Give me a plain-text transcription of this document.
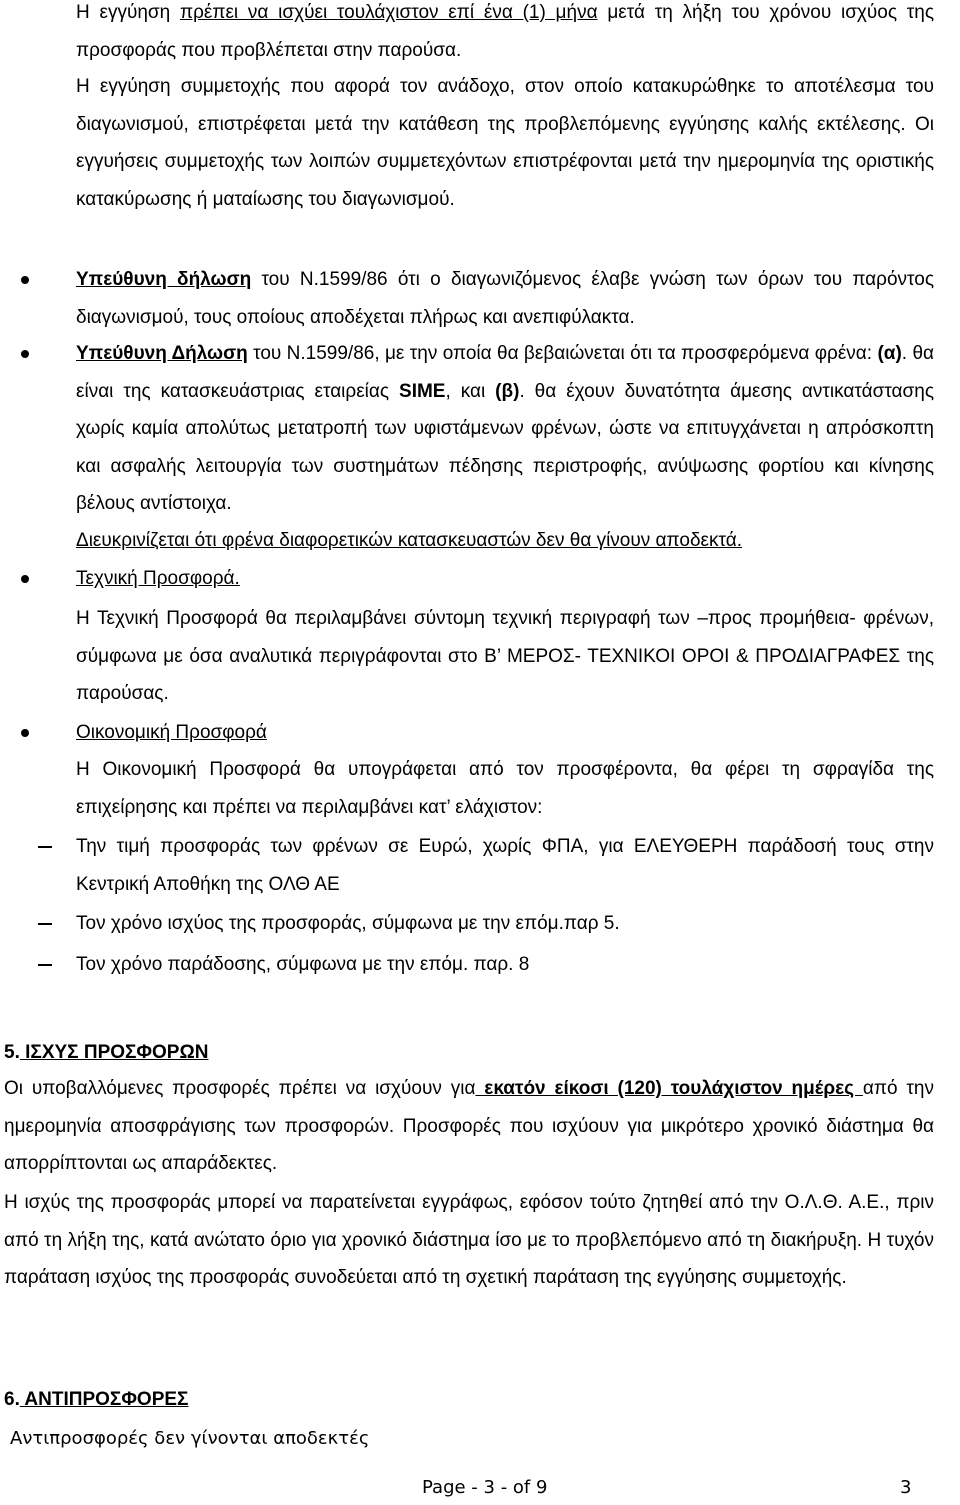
Η εγγύηση πρέπει να ισχύει τουλάχιστον επί ένα (1) μήνα μετά τη λήξη του χρόνου ισχύος της προσφοράς που προβλέπεται στην παρούσα.

Η εγγύηση συμμετοχής που αφορά τον ανάδοχο, στον οποίο κατακυρώθηκε το αποτέλεσμα του διαγωνισμού, επιστρέφεται μετά την κατάθεση της προβλεπόμενης εγγύησης καλής εκτέλεσης. Οι εγγυήσεις συμμετοχής των λοιπών συμμετεχόντων επιστρέφονται μετά την ημερομηνία της οριστικής κατακύρωσης ή ματαίωσης του διαγωνισμού.

Υπεύθυνη δήλωση του Ν.1599/86 ότι ο διαγωνιζόμενος έλαβε γνώση των όρων του παρόντος διαγωνισμού, τους οποίους αποδέχεται πλήρως και ανεπιφύλακτα.

Υπεύθυνη Δήλωση του Ν.1599/86, με την οποία θα βεβαιώνεται ότι τα προσφερόμενα φρένα: (α). θα είναι της κατασκευάστριας εταιρείας SIME, και (β). θα έχουν δυνατότητα άμεσης αντικατάστασης χωρίς καμία απολύτως μετατροπή των υφιστάμενων φρένων, ώστε να επιτυγχάνεται η απρόσκοπτη και ασφαλής λειτουργία των συστημάτων πέδησης περιστροφής, ανύψωσης φορτίου και κίνησης βέλους αντίστοιχα.

Διευκρινίζεται ότι φρένα διαφορετικών κατασκευαστών δεν θα γίνουν αποδεκτά.

Τεχνική Προσφορά.

Η Τεχνική Προσφορά θα περιλαμβάνει σύντομη τεχνική περιγραφή των –προς προμήθεια- φρένων, σύμφωνα με όσα αναλυτικά περιγράφονται στο Β’ ΜΕΡΟΣ- ΤΕΧΝΙΚΟΙ ΟΡΟΙ & ΠΡΟΔΙΑΓΡΑΦΕΣ της παρούσας.

Οικονομική Προσφορά

Η Οικονομική Προσφορά θα υπογράφεται από τον προσφέροντα, θα φέρει τη σφραγίδα της επιχείρησης και πρέπει να περιλαμβάνει κατ’ ελάχιστον:

Την τιμή προσφοράς των φρένων σε Ευρώ, χωρίς ΦΠΑ, για ΕΛΕΥΘΕΡΗ παράδοσή τους στην Κεντρική Αποθήκη της ΟΛΘ ΑΕ

Τον χρόνο ισχύος της προσφοράς, σύμφωνα με την επόμ.παρ 5.

Τον χρόνο παράδοσης, σύμφωνα με την επόμ. παρ. 8

5. ΙΣΧΥΣ ΠΡΟΣΦΟΡΩΝ

Οι υποβαλλόμενες προσφορές πρέπει να ισχύουν για εκατόν είκοσι (120) τουλάχιστον ημέρες από την ημερομηνία αποσφράγισης των προσφορών. Προσφορές που ισχύουν για μικρότερο χρονικό διάστημα θα απορρίπτονται ως απαράδεκτες.

Η ισχύς της προσφοράς μπορεί να παρατείνεται εγγράφως, εφόσον τούτο ζητηθεί από την Ο.Λ.Θ. Α.Ε., πριν από τη λήξη της, κατά ανώτατο όριο για χρονικό διάστημα ίσο με το προβλεπόμενο από τη διακήρυξη. Η τυχόν παράταση ισχύος της προσφοράς συνοδεύεται από τη σχετική παράταση της εγγύησης συμμετοχής.

6. ΑΝΤΙΠΡΟΣΦΟΡΕΣ

Αντιπροσφορές δεν γίνονται αποδεκτές

Page - 3 - of 9	3
